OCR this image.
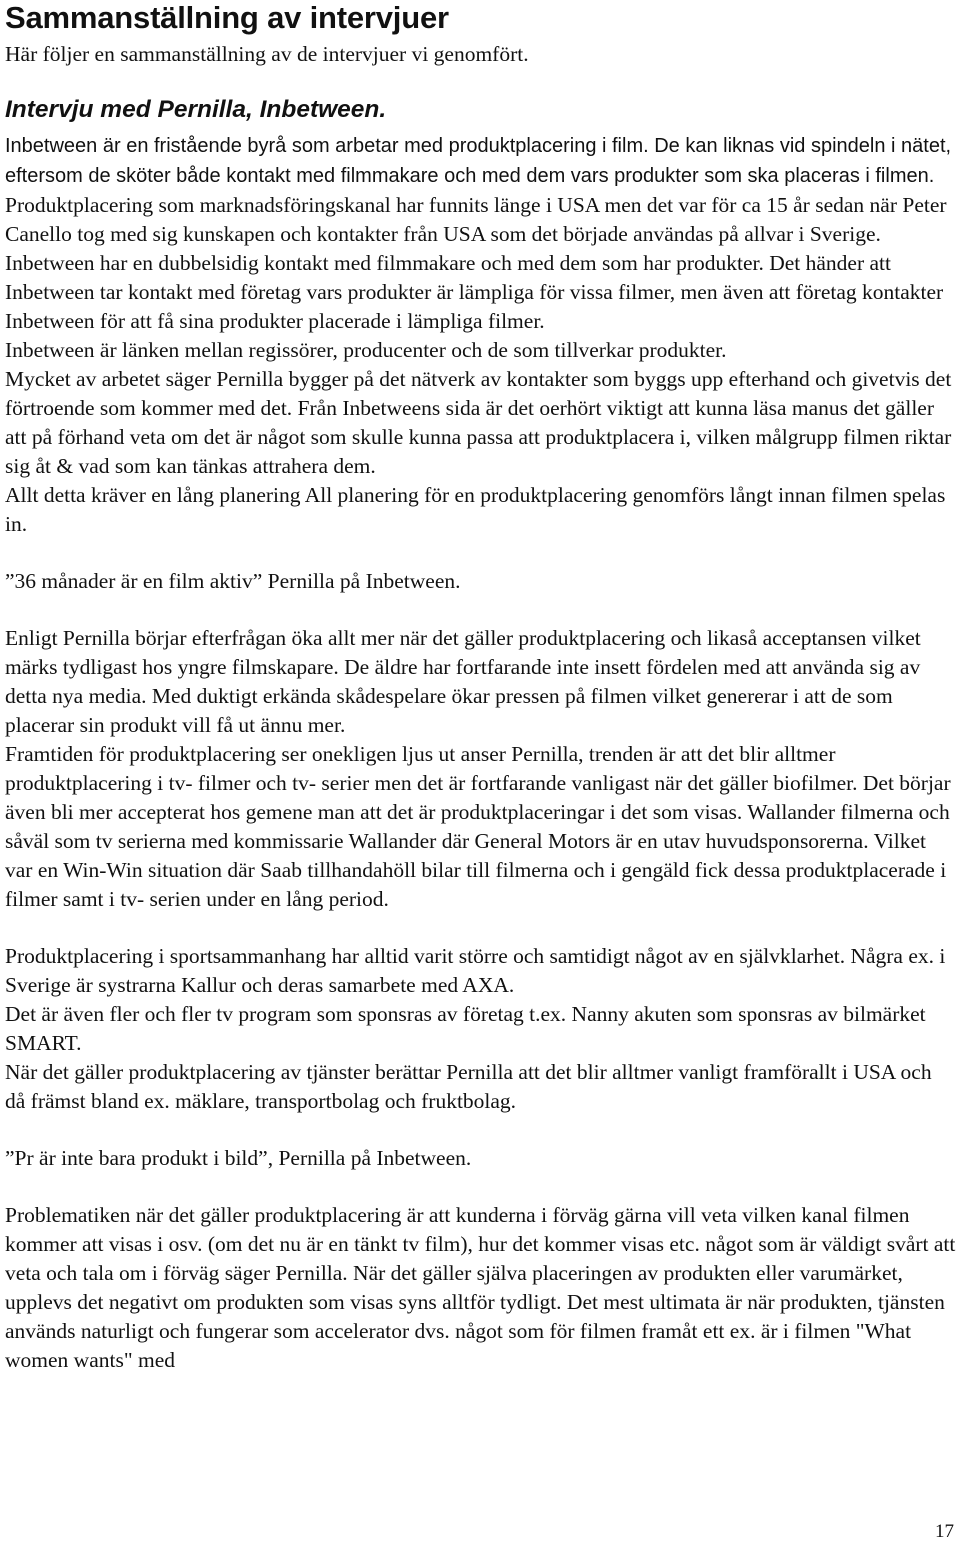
Sammanställning av intervjuer

Här följer en sammanställning av de intervjuer vi genomfört.

Intervju med Pernilla, Inbetween.

Inbetween är en fristående byrå som arbetar med produktplacering i film. De kan liknas vid spindeln i nätet, eftersom de sköter både kontakt med filmmakare och med dem vars produkter som ska placeras i filmen. Produktplacering som marknadsföringskanal har funnits länge i USA men det var för ca 15 år sedan när Peter Canello tog med sig kunskapen och kontakter från USA som det började användas på allvar i Sverige.

Inbetween har en dubbelsidig kontakt med filmmakare och med dem som har produkter. Det händer att Inbetween tar kontakt med företag vars produkter är lämpliga för vissa filmer, men även att företag kontakter Inbetween för att få sina produkter placerade i lämpliga filmer.

Inbetween är länken mellan regissörer, producenter och de som tillverkar produkter.

Mycket av arbetet säger Pernilla bygger på det nätverk av kontakter som byggs upp efterhand och givetvis det förtroende som kommer med det. Från Inbetweens sida är det oerhört viktigt att kunna läsa manus det gäller att på förhand veta om det är något som skulle kunna passa att produktplacera i, vilken målgrupp filmen riktar sig åt & vad som kan tänkas attrahera dem.

Allt detta kräver en lång planering All planering för en produktplacering genomförs långt innan filmen spelas in.

”36 månader är en film aktiv” Pernilla på Inbetween.

Enligt Pernilla börjar efterfrågan öka allt mer när det gäller produktplacering och likaså acceptansen vilket märks tydligast hos yngre filmskapare. De äldre har fortfarande inte insett fördelen med att använda sig av detta nya media. Med duktigt erkända skådespelare ökar pressen på filmen vilket genererar i att de som placerar sin produkt vill få ut ännu mer.

Framtiden för produktplacering ser onekligen ljus ut anser Pernilla, trenden är att det blir alltmer produktplacering i tv- filmer och tv- serier men det är fortfarande vanligast när det gäller biofilmer. Det börjar även bli mer accepterat hos gemene man att det är produktplaceringar i det som visas. Wallander filmerna och såväl som tv serierna med kommissarie Wallander där General Motors är en utav huvudsponsorerna. Vilket var en Win-Win situation där Saab tillhandahöll bilar till filmerna och i gengäld fick dessa produktplacerade i filmer samt i tv- serien under en lång period.

Produktplacering i sportsammanhang har alltid varit större och samtidigt något av en självklarhet. Några ex. i Sverige är systrarna Kallur och deras samarbete med AXA.

Det är även fler och fler tv program som sponsras av företag t.ex. Nanny akuten som sponsras av bilmärket SMART.

När det gäller produktplacering av tjänster berättar Pernilla att det blir alltmer vanligt framförallt i USA och då främst bland ex. mäklare, transportbolag och fruktbolag.

”Pr är inte bara produkt i bild”, Pernilla på Inbetween.

Problematiken när det gäller produktplacering är att kunderna i förväg gärna vill veta vilken kanal filmen kommer att visas i osv. (om det nu är en tänkt tv film), hur det kommer visas etc. något som är väldigt svårt att veta och tala om i förväg säger Pernilla. När det gäller själva placeringen av produkten eller varumärket, upplevs det negativt om produkten som visas syns alltför tydligt. Det mest ultimata är när produkten, tjänsten används naturligt och fungerar som accelerator dvs. något som för filmen framåt ett ex. är i filmen "What women wants" med

17
